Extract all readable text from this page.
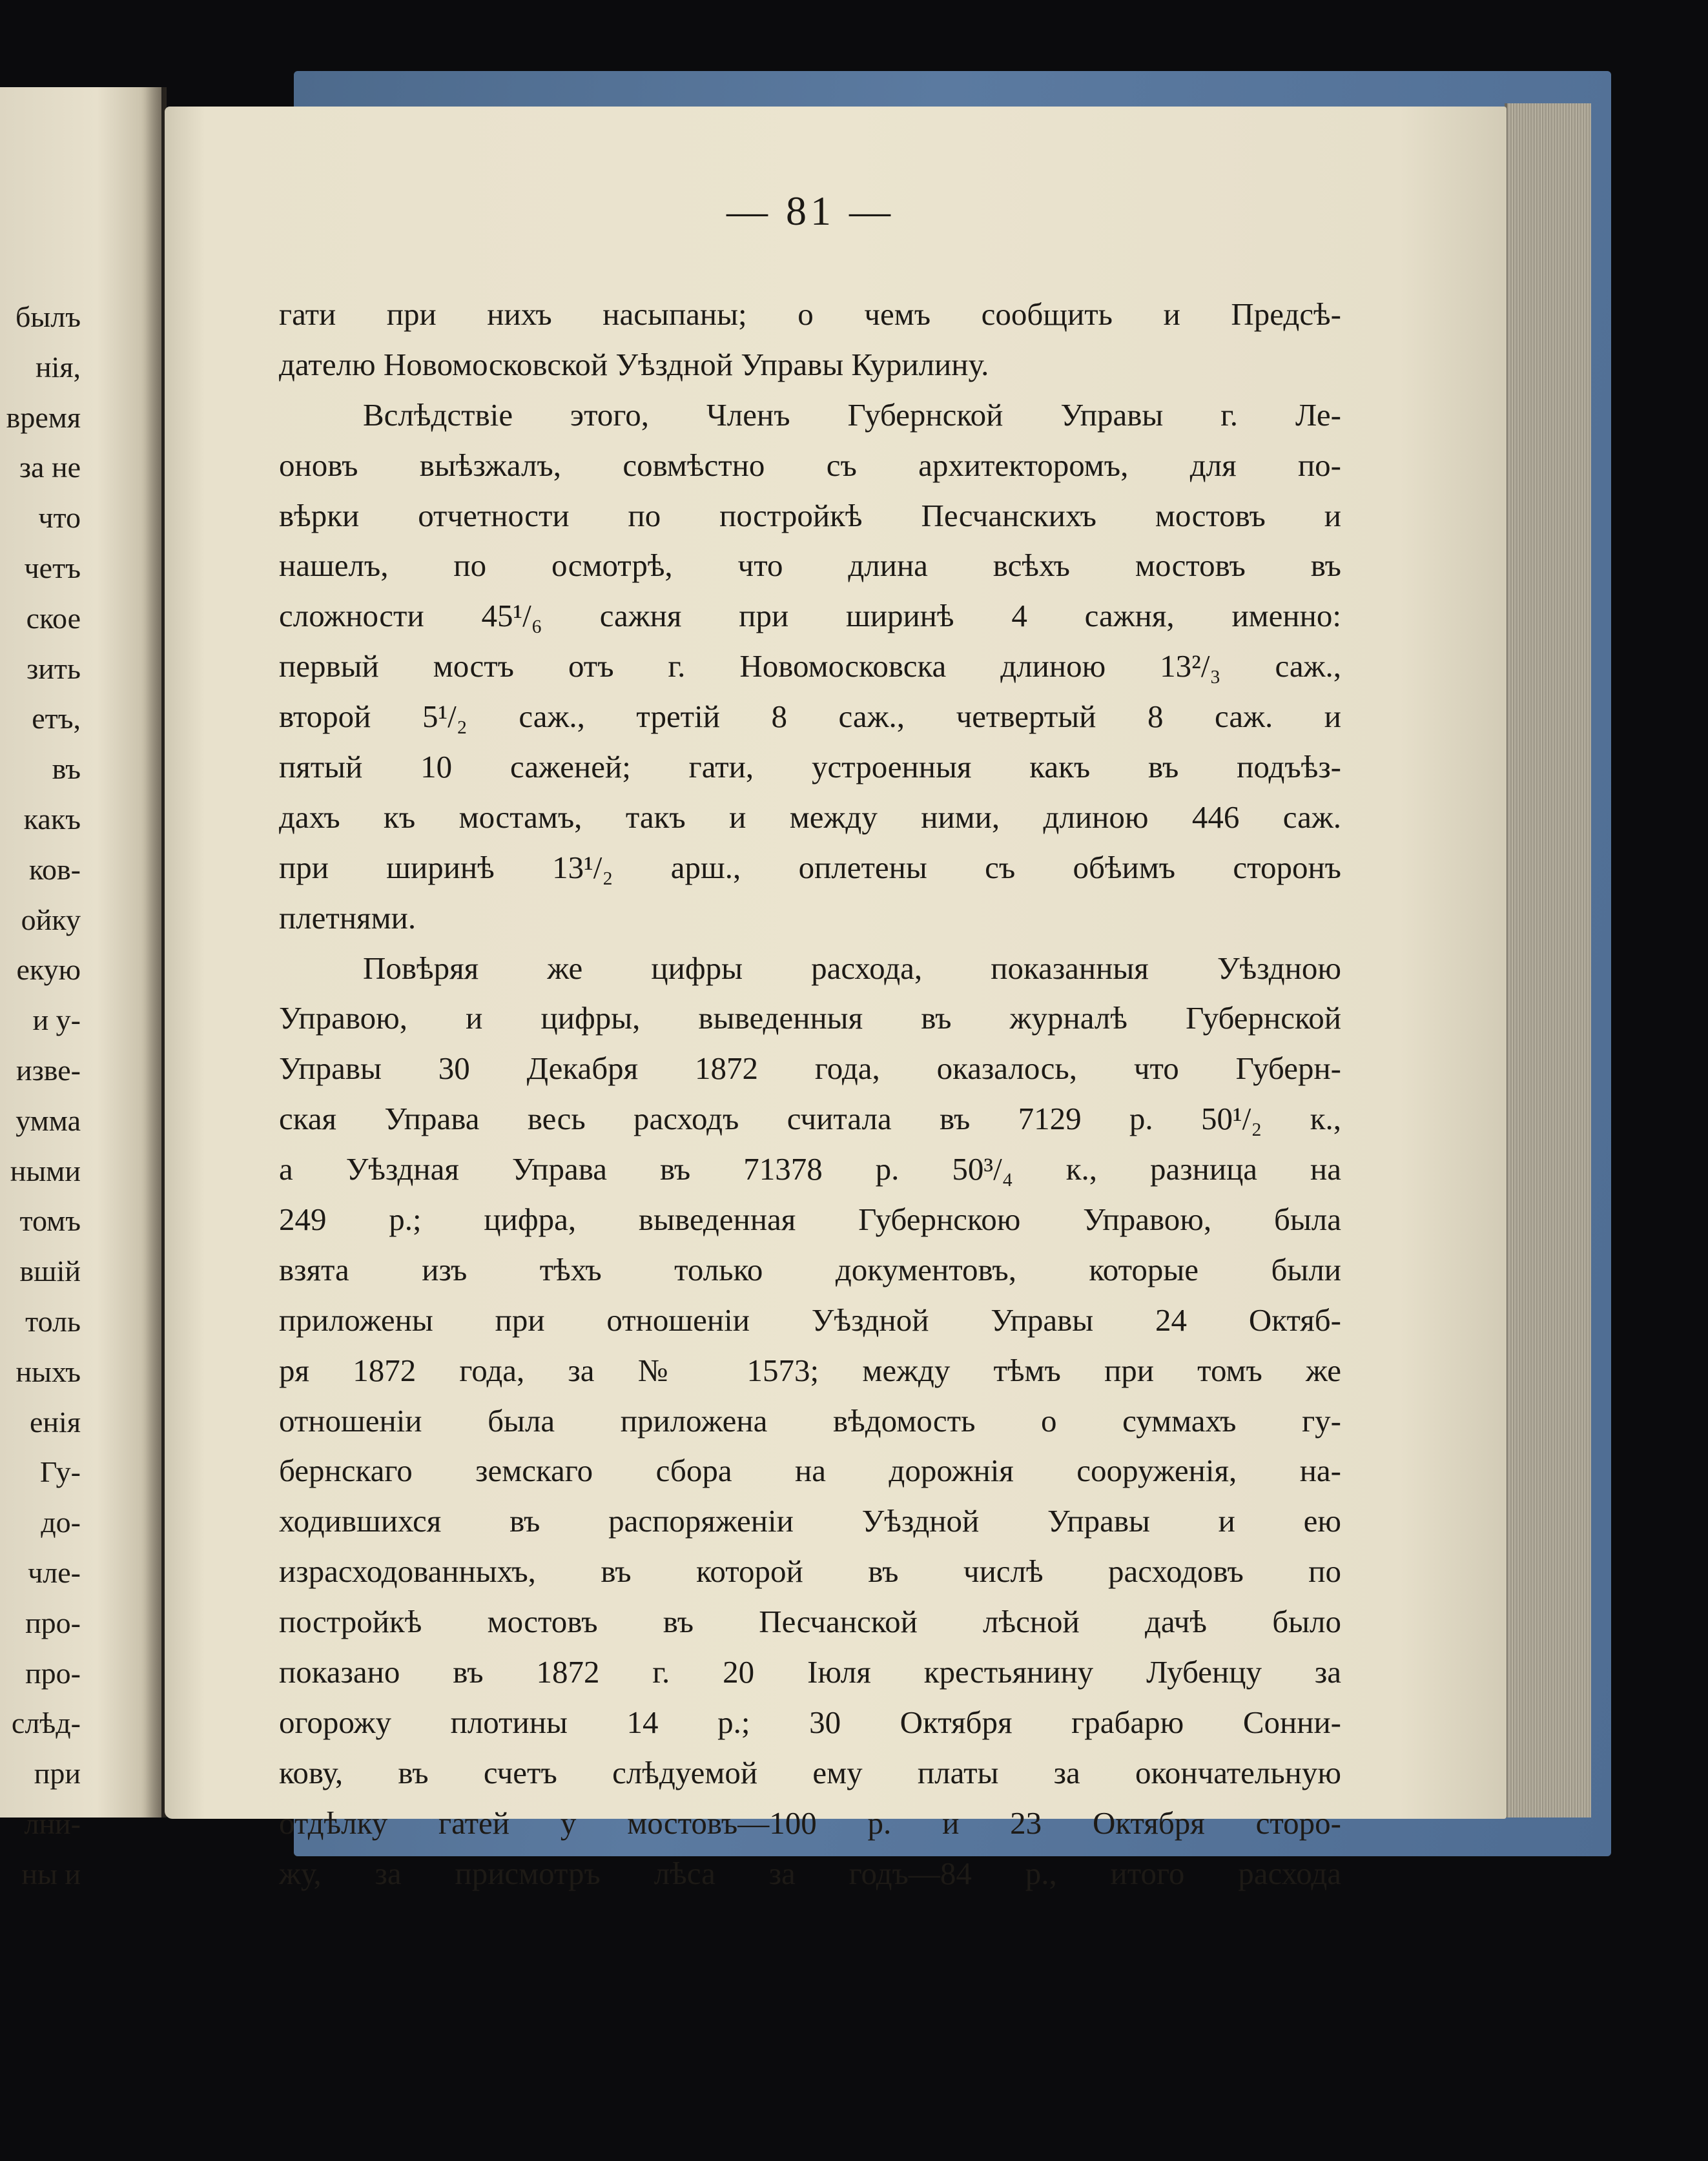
былъ
нія,
время
за не
что
четъ
ское
зить
етъ,
въ
какъ
ков-
ойку
екую
и у-
изве-
умма
ными
томъ
вшій
толь
ныхъ
енія
Гу-
до-
чле-
про-
про-
слѣд-
при
лни-
ны и
— 81 —
гати при нихъ насыпаны; о чемъ сообщить и Предсѣ-
дателю Новомосковской Уѣздной Управы Курилину.
Вслѣдствіе этого, Членъ Губернской Управы г. Ле-
оновъ выѣзжалъ, совмѣстно съ архитекторомъ, для по-
вѣрки отчетности по постройкѣ Песчанскихъ мостовъ и
нашелъ, по осмотрѣ, что длина всѣхъ мостовъ въ
сложности 45¹/₆ сажня при ширинѣ 4 сажня, именно:
первый мостъ отъ г. Новомосковска длиною 13²/₃ саж.,
второй 5¹/₂ саж., третій 8 саж., четвертый 8 саж. и
пятый 10 саженей; гати, устроенныя какъ въ подъѣз-
дахъ къ мостамъ, такъ и между ними, длиною 446 саж.
при ширинѣ 13¹/₂ арш., оплетены съ обѣимъ сторонъ
плетнями.
Повѣряя же цифры расхода, показанныя Уѣздною
Управою, и цифры, выведенныя въ журналѣ Губернской
Управы 30 Декабря 1872 года, оказалось, что Губерн-
ская Управа весь расходъ считала въ 7129 р. 50¹/₂ к.,
а Уѣздная Управа въ 71378 р. 50³/₄ к., разница на
249 р.; цифра, выведенная Губернскою Управою, была
взята изъ тѣхъ только документовъ, которые были
приложены при отношеніи Уѣздной Управы 24 Октяб-
ря 1872 года, за № 1573; между тѣмъ при томъ же
отношеніи была приложена вѣдомость о суммахъ гу-
бернскаго земскаго сбора на дорожнія сооруженія, на-
ходившихся въ распоряженіи Уѣздной Управы и ею
израсходованныхъ, въ которой въ числѣ расходовъ по
постройкѣ мостовъ въ Песчанской лѣсной дачѣ было
показано въ 1872 г. 20 Іюля крестьянину Лубенцу за
огорожу плотины 14 р.; 30 Октября грабарю Сонни-
кову, въ счетъ слѣдуемой ему платы за окончательную
отдѣлку гатей у мостовъ—100 р. и 23 Октября сторо-
жу, за присмотръ лѣса за годъ—84 р., итого расхода
